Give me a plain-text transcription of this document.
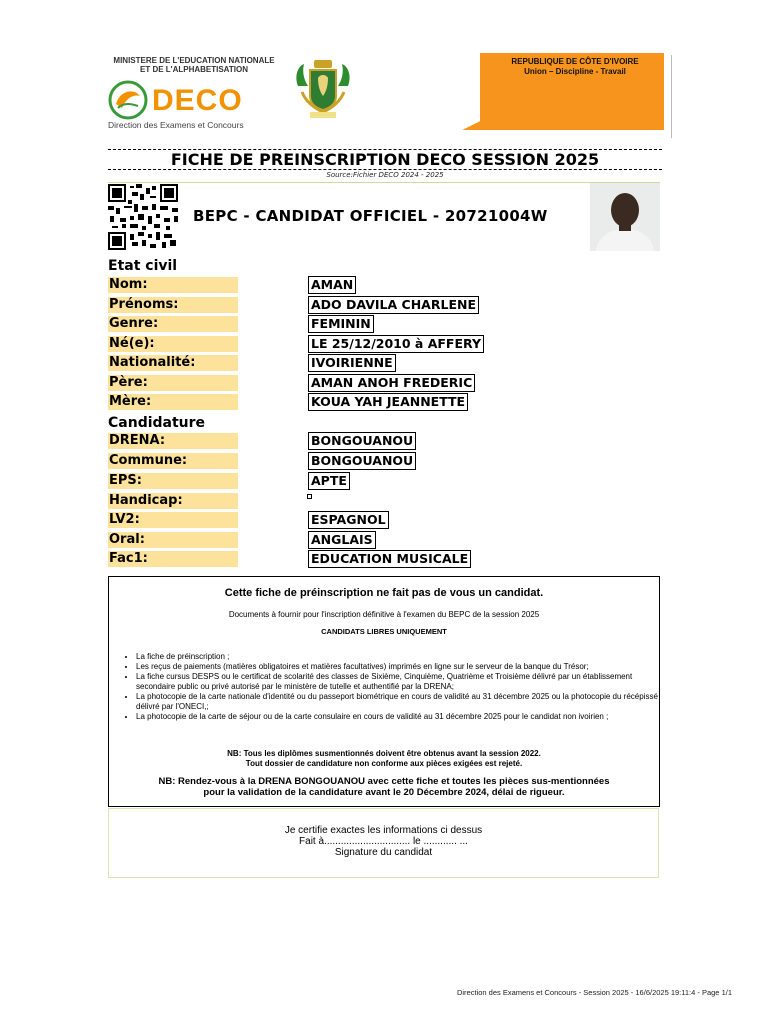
MINISTERE DE L'EDUCATION NATIONALE ET DE L'ALPHABETISATION
DECO
Direction des Examens et Concours
REPUBLIQUE DE CÔTE D'IVOIRE
Union – Discipline - Travail
FICHE DE PREINSCRIPTION DECO SESSION 2025
Source:Fichier DECO 2024 - 2025
BEPC - CANDIDAT OFFICIEL - 20721004W
Etat civil
Nom:	AMAN
Prénoms:	ADO DAVILA CHARLENE
Genre:	FEMININ
Né(e):	LE 25/12/2010 à AFFERY
Nationalité:	IVOIRIENNE
Père:	AMAN ANOH FREDERIC
Mère:	KOUA YAH JEANNETTE
Candidature
DRENA:	BONGOUANOU
Commune:	BONGOUANOU
EPS:	APTE
Handicap:
LV2:	ESPAGNOL
Oral:	ANGLAIS
Fac1:	EDUCATION MUSICALE
Cette fiche de préinscription ne fait pas de vous un candidat.
Documents à fournir pour l'inscription définitive à l'examen du BEPC de la session 2025
CANDIDATS LIBRES UNIQUEMENT
• La fiche de préinscription ;
• Les reçus de paiements (matières obligatoires et matières facultatives) imprimés en ligne sur le serveur de la banque du Trésor;
• La fiche cursus DESPS ou le certificat de scolarité des classes de Sixième, Cinquième, Quatrième et Troisième délivré par un établissement secondaire public ou privé autorisé par le ministère de tutelle et authentifié par la DRENA;
• La photocopie de la carte nationale d'identité ou du passeport biométrique en cours de validité au 31 décembre 2025 ou la photocopie du récépissé délivré par l'ONECI,;
• La photocopie de la carte de séjour ou de la carte consulaire en cours de validité au 31 décembre 2025 pour le candidat non ivoirien ;
NB: Tous les diplômes susmentionnés doivent être obtenus avant la session 2022.
Tout dossier de candidature non conforme aux pièces exigées est rejeté.
NB: Rendez-vous à la DRENA BONGOUANOU avec cette fiche et toutes les pièces sus-mentionnées
pour la validation de la candidature avant le 20 Décembre 2024, délai de rigueur.
Je certifie exactes les informations ci dessus
Fait à............................... le ............ ...
Signature du candidat
Direction des Examens et Concours - Session 2025 - 16/6/2025 19:11:4 - Page 1/1
